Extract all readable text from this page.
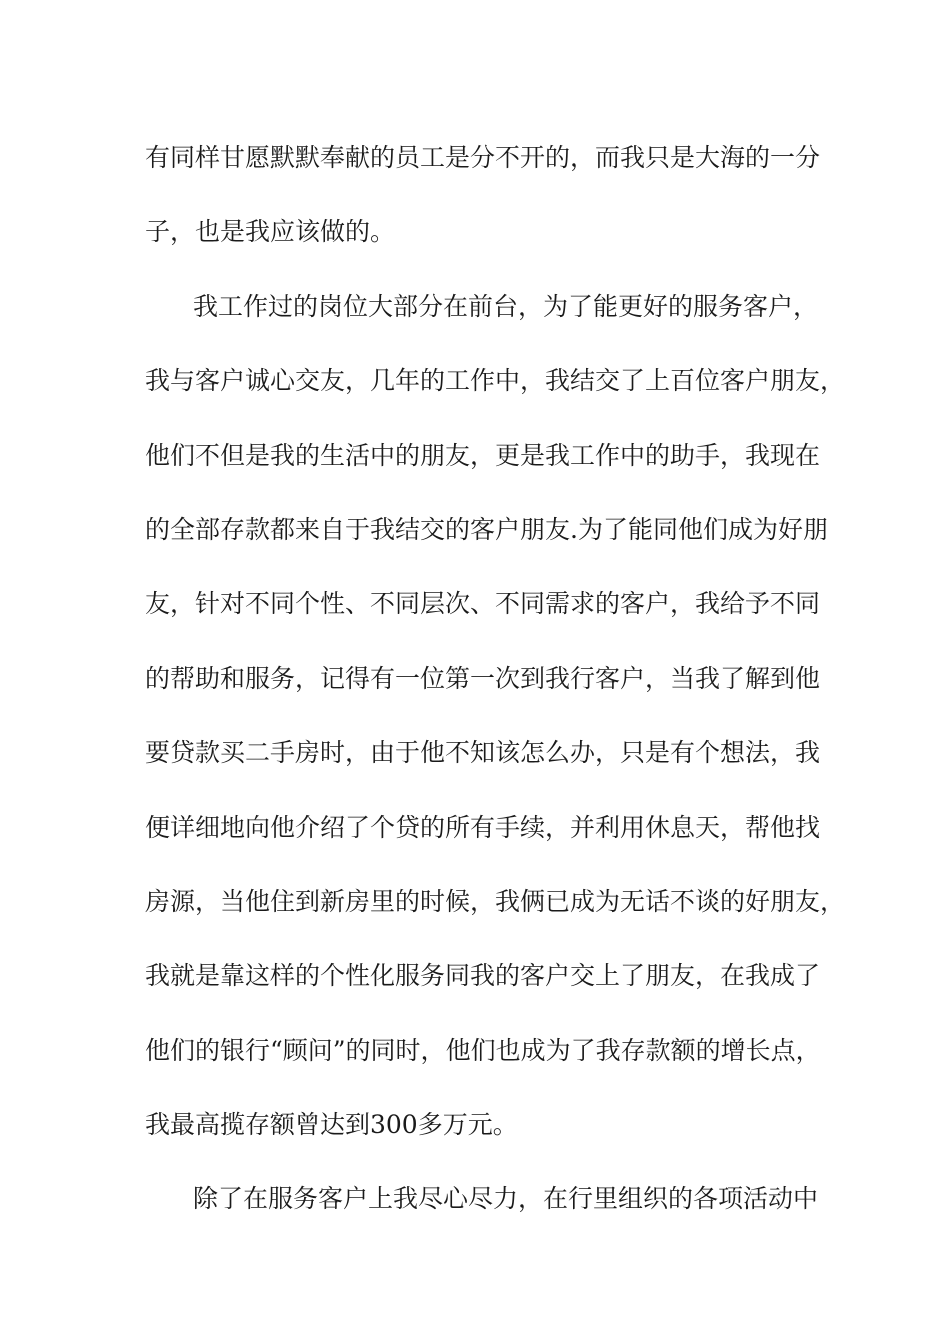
有同样甘愿默默奉献的员工是分不开的，而我只是大海的一分
子，也是我应该做的。
我工作过的岗位大部分在前台，为了能更好的服务客户，
我与客户诚心交友，几年的工作中，我结交了上百位客户朋友，
他们不但是我的生活中的朋友，更是我工作中的助手，我现在
的全部存款都来自于我结交的客户朋友.为了能同他们成为好朋
友，针对不同个性、不同层次、不同需求的客户，我给予不同
的帮助和服务，记得有一位第一次到我行客户，当我了解到他
要贷款买二手房时，由于他不知该怎么办，只是有个想法，我
便详细地向他介绍了个贷的所有手续，并利用休息天，帮他找
房源，当他住到新房里的时候，我俩已成为无话不谈的好朋友，
我就是靠这样的个性化服务同我的客户交上了朋友，在我成了
他们的银行“顾问”的同时，他们也成为了我存款额的增长点，
我最高揽存额曾达到300多万元。
除了在服务客户上我尽心尽力，在行里组织的各项活动中
